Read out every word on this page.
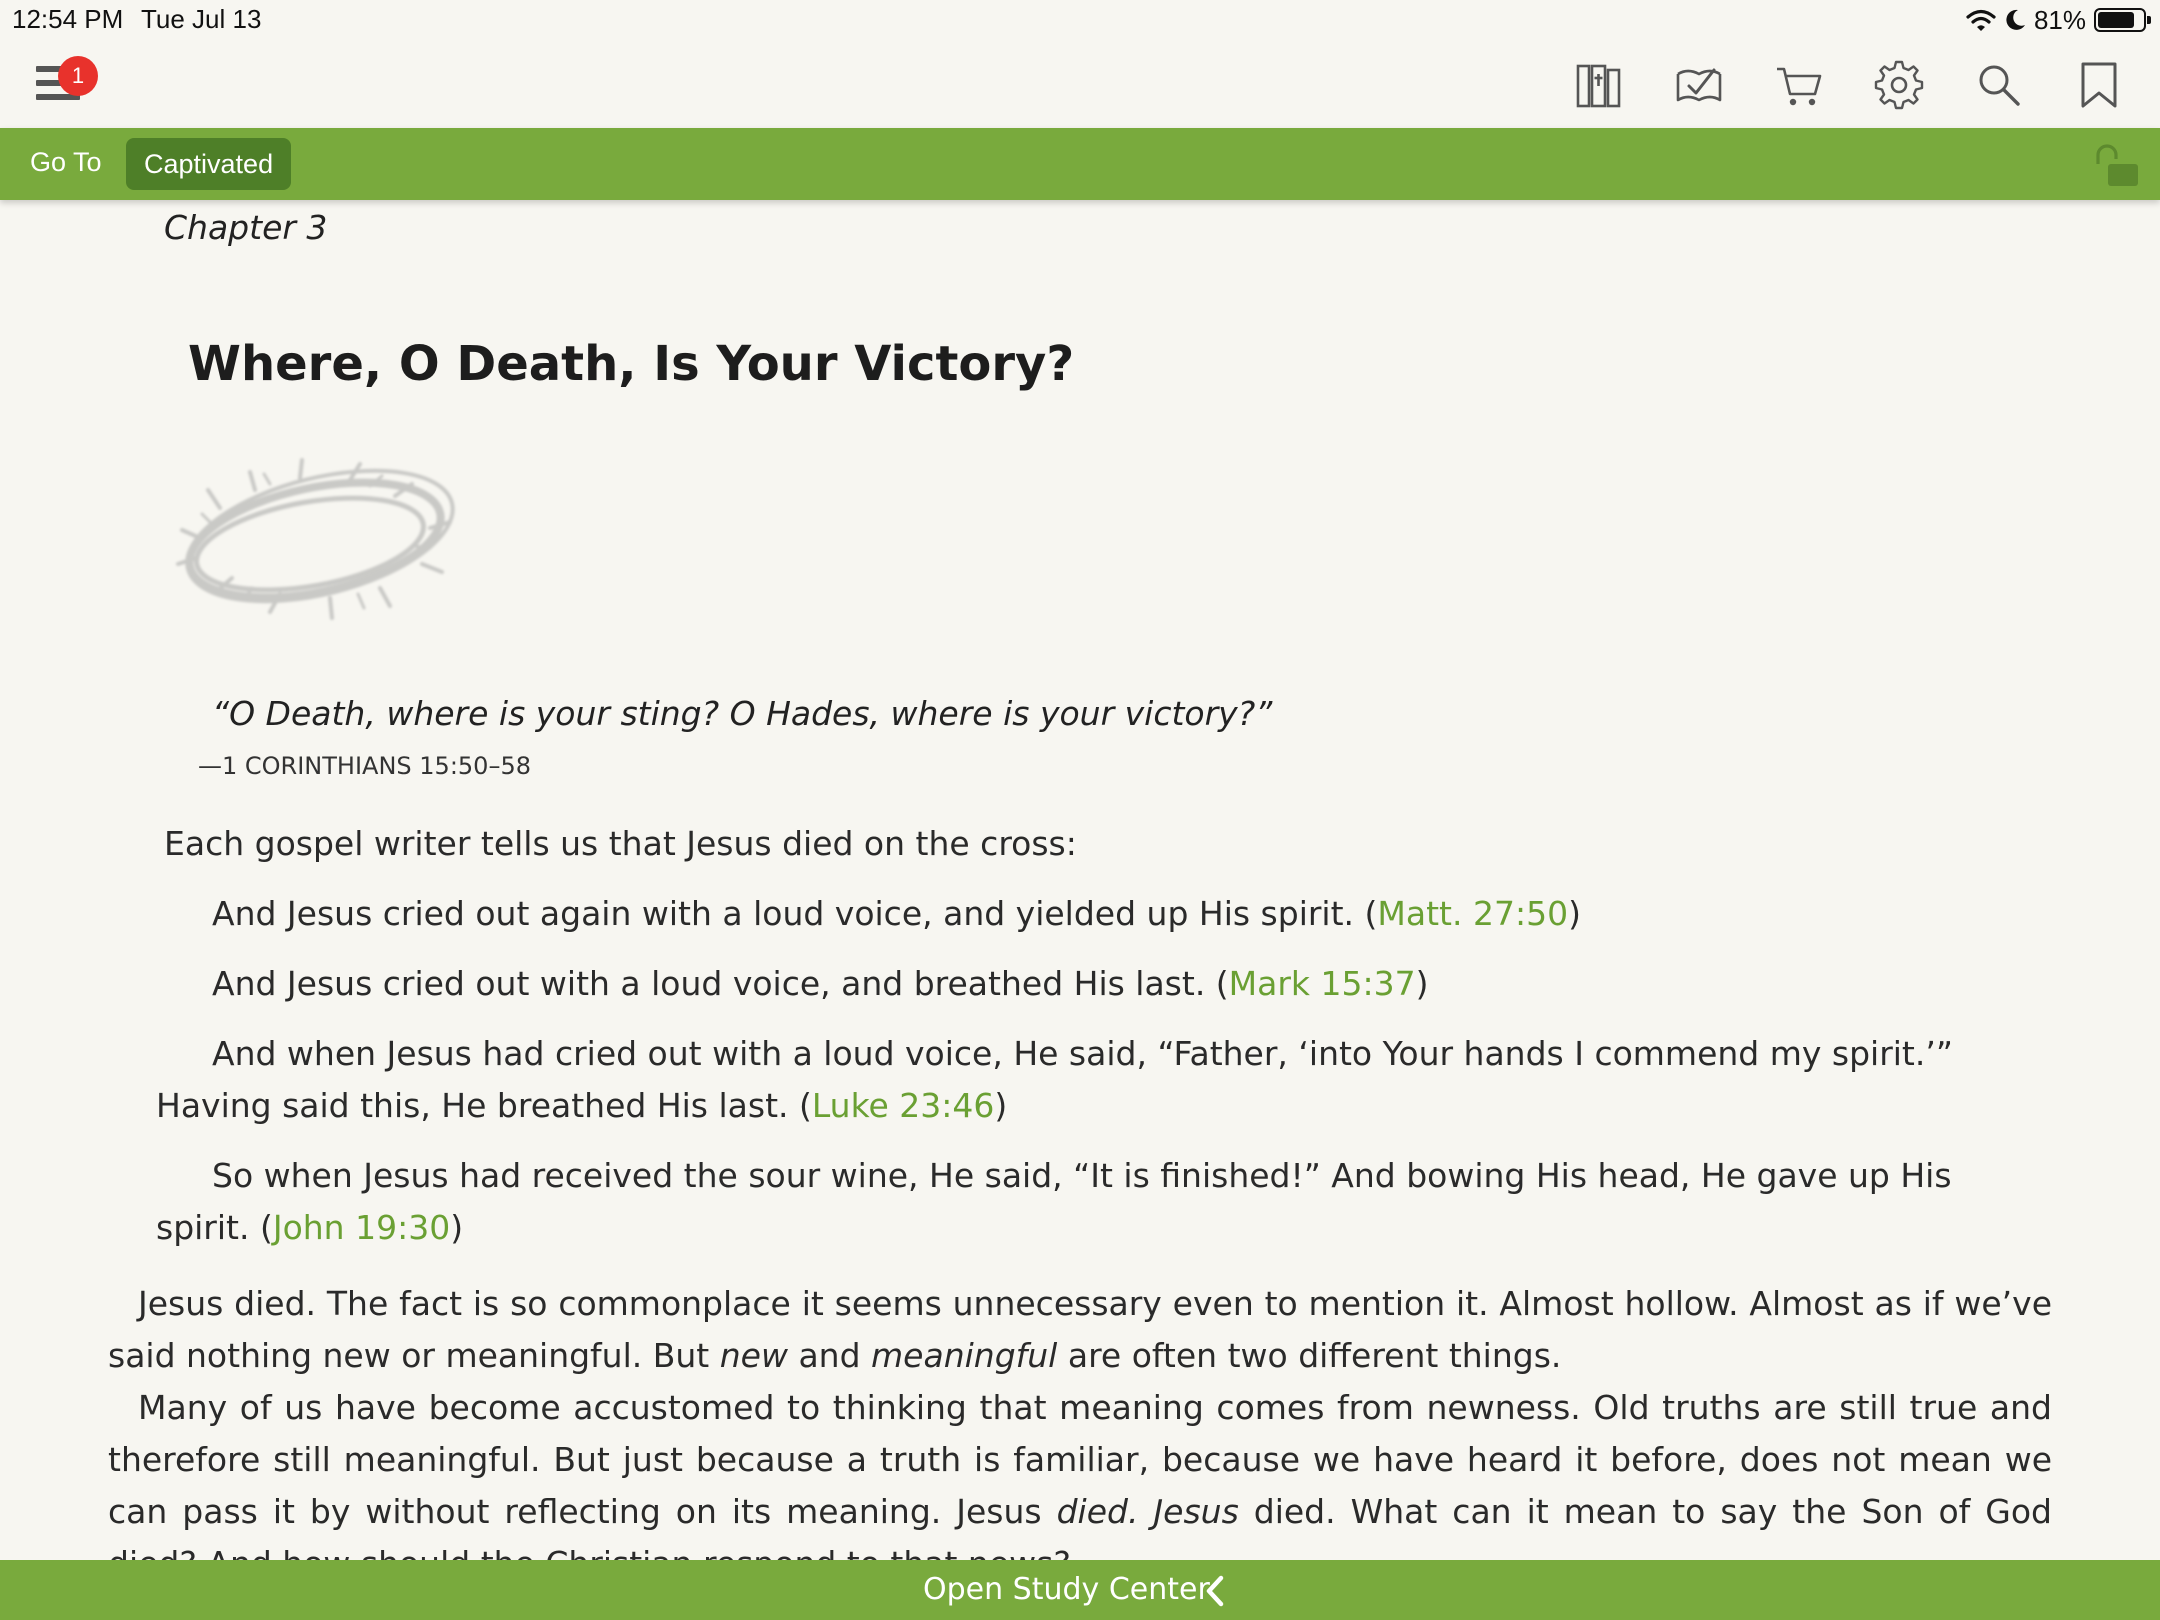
12:54 PM Tue Jul 13	81%
1
Go To	Captivated
Chapter 3
Where, O Death, Is Your Victory?
“O Death, where is your sting? O Hades, where is your victory?”
—1 CORINTHIANS 15:50–58
Each gospel writer tells us that Jesus died on the cross:
And Jesus cried out again with a loud voice, and yielded up His spirit. (Matt. 27:50)
And Jesus cried out with a loud voice, and breathed His last. (Mark 15:37)
And when Jesus had cried out with a loud voice, He said, “Father, ‘into Your hands I commend my spirit.’” Having said this, He breathed His last. (Luke 23:46)
So when Jesus had received the sour wine, He said, “It is finished!” And bowing His head, He gave up His spirit. (John 19:30)
Jesus died. The fact is so commonplace it seems unnecessary even to mention it. Almost hollow. Almost as if we’ve said nothing new or meaningful. But new and meaningful are often two different things.
Many of us have become accustomed to thinking that meaning comes from newness. Old truths are still true and therefore still meaningful. But just because a truth is familiar, because we have heard it before, does not mean we can pass it by without reflecting on its meaning. Jesus died. Jesus died. What can it mean to say the Son of God
Open Study Center
